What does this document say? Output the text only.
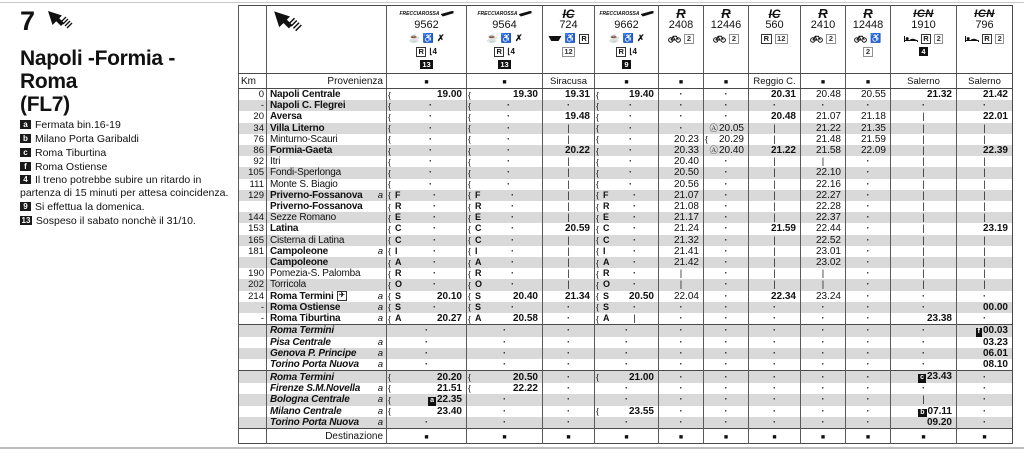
7
Napoli -Formia -Roma
(FL7)
a Fermata bin.16-19
b Milano Porta Garibaldi
c Roma Tiburtina
f Roma Ostiense
4 Il treno potrebbe subire un ritardo in partenza di 15 minuti per attesa coincidenza.
9 Si effettua la domenica.
13 Sospeso il sabato nonchè il 31/10.

FRECCIAROSSA
9562
☕ ♿ ✗
R ⌊4
13

FRECCIAROSSA
9564
☕ ♿ ✗
R ⌊4
13

IC
724
♿ R
12

FRECCIAROSSA
9662
☕ ♿ ✗
R ⌊4
9

R
2408
2

R
12446
2

IC
560
R	12

R
2410
2

R
12448
♿
2

ICN
1910
R	2
4

ICN
796
R	2

Km	Provenienza	■	■	Siracusa	■	■	■	Reggio C.	■	■	Salerno	Salerno
0	Napoli Centrale	{ 19.00	{ 19.30	19.31	{ 19.40	·	·	20.31	20.48	20.55	21.32	21.42

-	Napoli C. Flegrei	{ ·	{ ·	·	{ ·	·	·	·	·	·	·	·

20	Aversa	{ ·	{ ·	19.48	{ ·	·	·	20.48	21.07	21.18	|	22.01

34	Villa Literno	{ ·	{ ·	|	{ ·	·	Ⓐ20.05	|	21.22	21.35	|	|

76	Minturno-Scauri	{ ·	{ ·	|	{ ·	20.23	{ 20.29	|	21.48	21.59	|	|

86	Formia-Gaeta	{ ·	{ ·	20.22	{ ·	20.33	Ⓐ20.40	21.22	21.58	22.09	|	22.39

92	Itri	{ ·	{ ·	|	{ ·	20.40	·	|	|	·	|	|

105	Fondi-Sperlonga	{ ·	{ ·	|	{ ·	20.50	·	|	22.10	·	|	|

111	Monte S. Biagio	{ ·	{ ·	|	{ ·	20.56	·	|	22.16	·	|	|

129	Priverno-Fossanova a	{ F ·	{ F ·	|	{ F ·	21.07	·	|	22.27	·	|	|

	Priverno-Fossanova	{ R ·	{ R ·	|	{ R ·	21.08	·	|	22.28	·	|	|

144	Sezze Romano	{ E ·	{ E ·	|	{ E ·	21.17	·	|	22.37	·	|	|

153	Latina	{ C ·	{ C ·	20.59	{ C ·	21.24	·	21.59	22.44	·	|	23.19

165	Cisterna di Latina	{ C ·	{ C ·	|	{ C ·	21.32	·	|	22.52	·	|	|

181	Campoleone a	{ I ·	{ I ·	|	{ I ·	21.41	·	|	23.01	·	|	|

	Campoleone	{ A ·	{ A ·	|	{ A ·	21.42	·	|	23.02	·	|	|

190	Pomezia-S. Palomba	{ R ·	{ R ·	|	{ R ·	|	·	|	|	·	|	|

202	Torricola	{ O ·	{ O ·	|	{ O ·	|	·	|	|	·	|	|

214	Roma Termini ✈ a	{ S 20.10	{ S 20.40	21.34	{ S 20.50	22.04	·	22.34	23.24	·	·	·

-	Roma Ostiense a	{ S ·	{ S ·	·	{ S ·	·	·	·	·	·	·	00.00

-	Roma Tiburtina a	{ A 20.27	{ A 20.58	·	{ A |	·	·	·	·	·	23.38	·

	Roma Termini	·	·	·	·	·	·	·	·	·	·	f 00.03

	Pisa Centrale a	·	·	·	·	·	·	·	·	·	·	03.23

	Genova P. Principe a	·	·	·	·	·	·	·	·	·	·	06.01

	Torino Porta Nuova a	·	·	·	·	·	·	·	·	·	·	08.10

	Roma Termini	{ 20.20	{ 20.50	·	{ 21.00	·	·	·	·	·	c 23.43	·

	Firenze S.M.Novella a	{ 21.51	{ 22.22	·	·	·	·	·	·	·	·	·

	Bologna Centrale a	{ a 22.35	·	·	·	·	·	·	·	·	|	·

	Milano Centrale a	{ 23.40	·	·	{ 23.55	·	·	·	·	·	b 07.11	·

	Torino Porta Nuova a	·	·	·	·	·	·	·	·	·	09.20	·

	Destinazione	■	■	■	■	■	■	■	■	■	■	■
